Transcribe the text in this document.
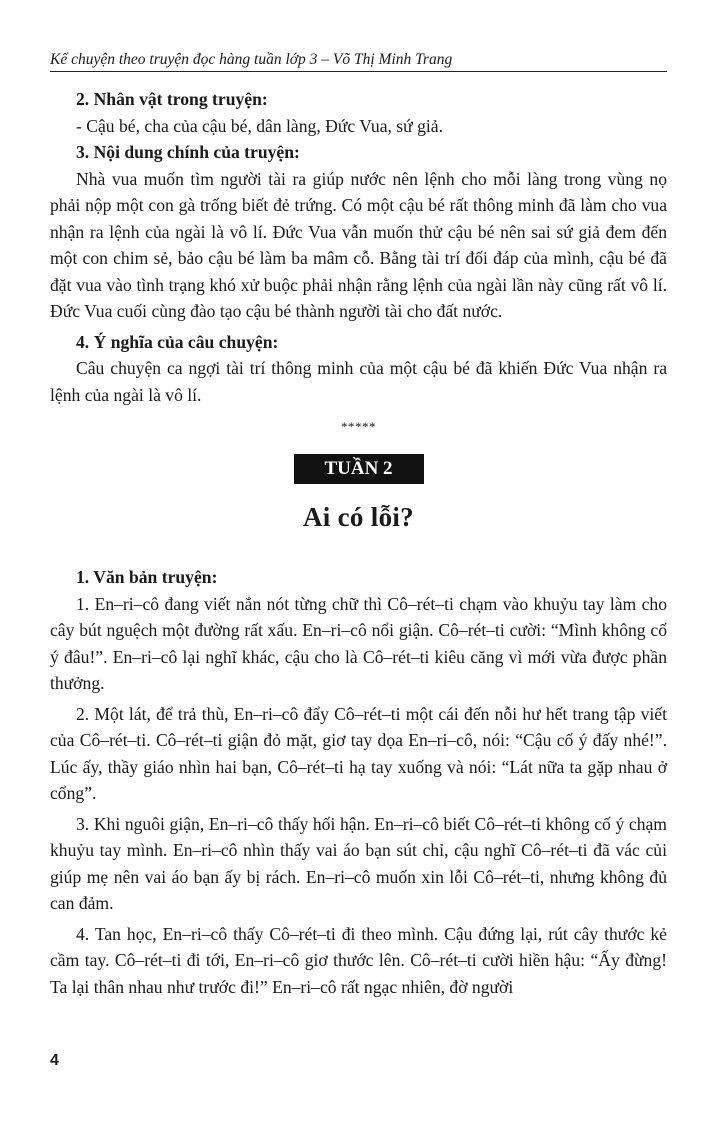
Kể chuyện theo truyện đọc hàng tuần lớp 3 – Võ Thị Minh Trang

2. Nhân vật trong truyện:

- Cậu bé, cha của cậu bé, dân làng, Đức Vua, sứ giả.

3. Nội dung chính của truyện:

Nhà vua muốn tìm người tài ra giúp nước nên lệnh cho mỗi làng trong vùng nọ phải nộp một con gà trống biết đẻ trứng. Có một cậu bé rất thông minh đã làm cho vua nhận ra lệnh của ngài là vô lí. Đức Vua vẫn muốn thử cậu bé nên sai sứ giả đem đến một con chim sẻ, bảo cậu bé làm ba mâm cỗ. Bằng tài trí đối đáp của mình, cậu bé đã đặt vua vào tình trạng khó xử buộc phải nhận rằng lệnh của ngài lần này cũng rất vô lí. Đức Vua cuối cùng đào tạo cậu bé thành người tài cho đất nước.

4. Ý nghĩa của câu chuyện:

Câu chuyện ca ngợi tài trí thông minh của một cậu bé đã khiến Đức Vua nhận ra lệnh của ngài là vô lí.

*****
TUẦN 2
Ai có lỗi?

1. Văn bản truyện:

1. En–ri–cô đang viết nắn nót từng chữ thì Cô–rét–ti chạm vào khuỷu tay làm cho cây bút nguệch một đường rất xấu. En–ri–cô nổi giận. Cô–rét–ti cười: “Mình không cố ý đâu!”. En–ri–cô lại nghĩ khác, cậu cho là Cô–rét–ti kiêu căng vì mới vừa được phần thưởng.

2. Một lát, để trả thù, En–ri–cô đẩy Cô–rét–ti một cái đến nỗi hư hết trang tập viết của Cô–rét–ti. Cô–rét–ti giận đỏ mặt, giơ tay dọa En–ri–cô, nói: “Cậu cố ý đấy nhé!”. Lúc ấy, thầy giáo nhìn hai bạn, Cô–rét–ti hạ tay xuống và nói: “Lát nữa ta gặp nhau ở cổng”.

3. Khi nguôi giận, En–ri–cô thấy hối hận. En–ri–cô biết Cô–rét–ti không cố ý chạm khuỷu tay mình. En–ri–cô nhìn thấy vai áo bạn sút chỉ, cậu nghĩ Cô–rét–ti đã vác củi giúp mẹ nên vai áo bạn ấy bị rách. En–ri–cô muốn xin lỗi Cô–rét–ti, nhưng không đủ can đảm.

4. Tan học, En–ri–cô thấy Cô–rét–ti đi theo mình. Cậu đứng lại, rút cây thước kẻ cầm tay. Cô–rét–ti đi tới, En–ri–cô giơ thước lên. Cô–rét–ti cười hiền hậu: “Ấy đừng! Ta lại thân nhau như trước đi!” En–ri–cô rất ngạc nhiên, đờ người

4
